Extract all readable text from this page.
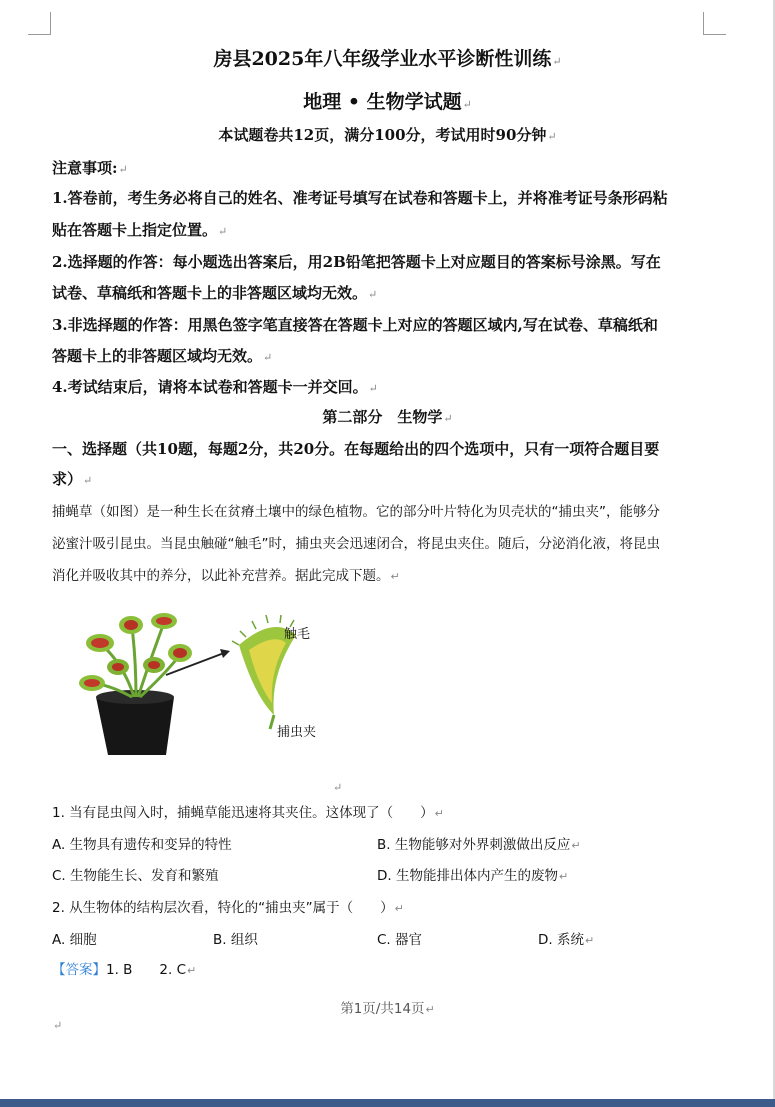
房县2025年八年级学业水平诊断性训练↵
地理 • 生物学试题↵
本试题卷共12页，满分100分，考试用时90分钟↵
注意事项:↵
1.答卷前，考生务必将自己的姓名、准考证号填写在试卷和答题卡上，并将准考证号条形码粘
贴在答题卡上指定位置。↵
2.选择题的作答：每小题选出答案后，用2B铅笔把答题卡上对应题目的答案标号涂黑。写在
试卷、草稿纸和答题卡上的非答题区域均无效。↵
3.非选择题的作答：用黑色签字笔直接答在答题卡上对应的答题区域内,写在试卷、草稿纸和
答题卡上的非答题区域均无效。↵
4.考试结束后，请将本试卷和答题卡一并交回。↵
第二部分　生物学↵
一、选择题（共10题，每题2分，共20分。在每题给出的四个选项中，只有一项符合题目要
求）↵
捕蝇草（如图）是一种生长在贫瘠土壤中的绿色植物。它的部分叶片特化为贝壳状的“捕虫夹”，能够分
泌蜜汁吸引昆虫。当昆虫触碰“触毛”时，捕虫夹会迅速闭合，将昆虫夹住。随后，分泌消化液，将昆虫
消化并吸收其中的养分，以此补充营养。据此完成下题。↵
触毛
捕虫夹
↵
1. 当有昆虫闯入时，捕蝇草能迅速将其夹住。这体现了（　　）↵
A. 生物具有遗传和变异的特性	B. 生物能够对外界刺激做出反应↵
C. 生物能生长、发育和繁殖	D. 生物能排出体内产生的废物↵
2. 从生物体的结构层次看，特化的“捕虫夹”属于（　　）↵
A. 细胞	B. 组织	C. 器官	D. 系统↵
【答案】1. B　　2. C↵
第1页/共14页↵
↵
